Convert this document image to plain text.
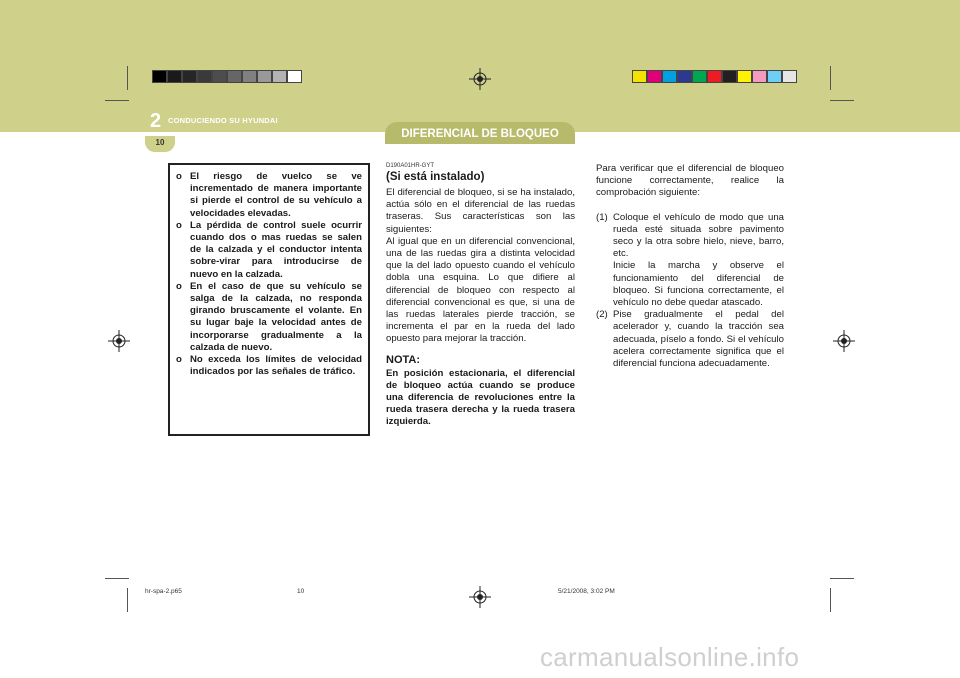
2 CONDUCIENDO SU HYUNDAI
10
DIFERENCIAL DE BLOQUEO

o El riesgo de vuelco se ve incrementado de manera importante si pierde el control de su vehículo a velocidades elevadas.

o La pérdida de control suele ocurrir cuando dos o mas ruedas se salen de la calzada y el conductor intenta sobre-virar para introducirse de nuevo en la calzada.

o En el caso de que su vehículo se salga de la calzada, no responda girando bruscamente el volante. En su lugar baje la velocidad antes de incorporarse gradualmente a la calzada de nuevo.

o No exceda los límites de velocidad indicados por las señales de tráfico.

D190A01HR-GYT

(Si está instalado)

El diferencial de bloqueo, si se ha instalado, actúa sólo en el diferencial de las ruedas traseras. Sus características son las siguientes:

Al igual que en un diferencial convencional, una de las ruedas gira a distinta velocidad que la del lado opuesto cuando el vehículo dobla una esquina. Lo que difiere al diferencial de bloqueo con respecto al diferencial convencional es que, si una de las ruedas laterales pierde tracción, se incrementa el par en la rueda del lado opuesto para mejorar la tracción.

NOTA:

En posición estacionaria, el diferencial de bloqueo actúa cuando se produce una diferencia de revoluciones entre la rueda trasera derecha y la rueda trasera izquierda.

Para verificar que el diferencial de bloqueo funcione correctamente, realice la comprobación siguiente:

(1) Coloque el vehículo de modo que una rueda esté situada sobre pavimento seco y la otra sobre hielo, nieve, barro, etc.

Inicie la marcha y observe el funcionamiento del diferencial de bloqueo. Si funciona correctamente, el vehículo no debe quedar atascado.

(2) Pise gradualmente el pedal del acelerador y, cuando la tracción sea adecuada, píselo a fondo. Si el vehículo acelera correctamente significa que el diferencial funciona adecuadamente.

hr-spa-2.p65	10	5/21/2008, 3:02 PM
carmanualsonline.info
